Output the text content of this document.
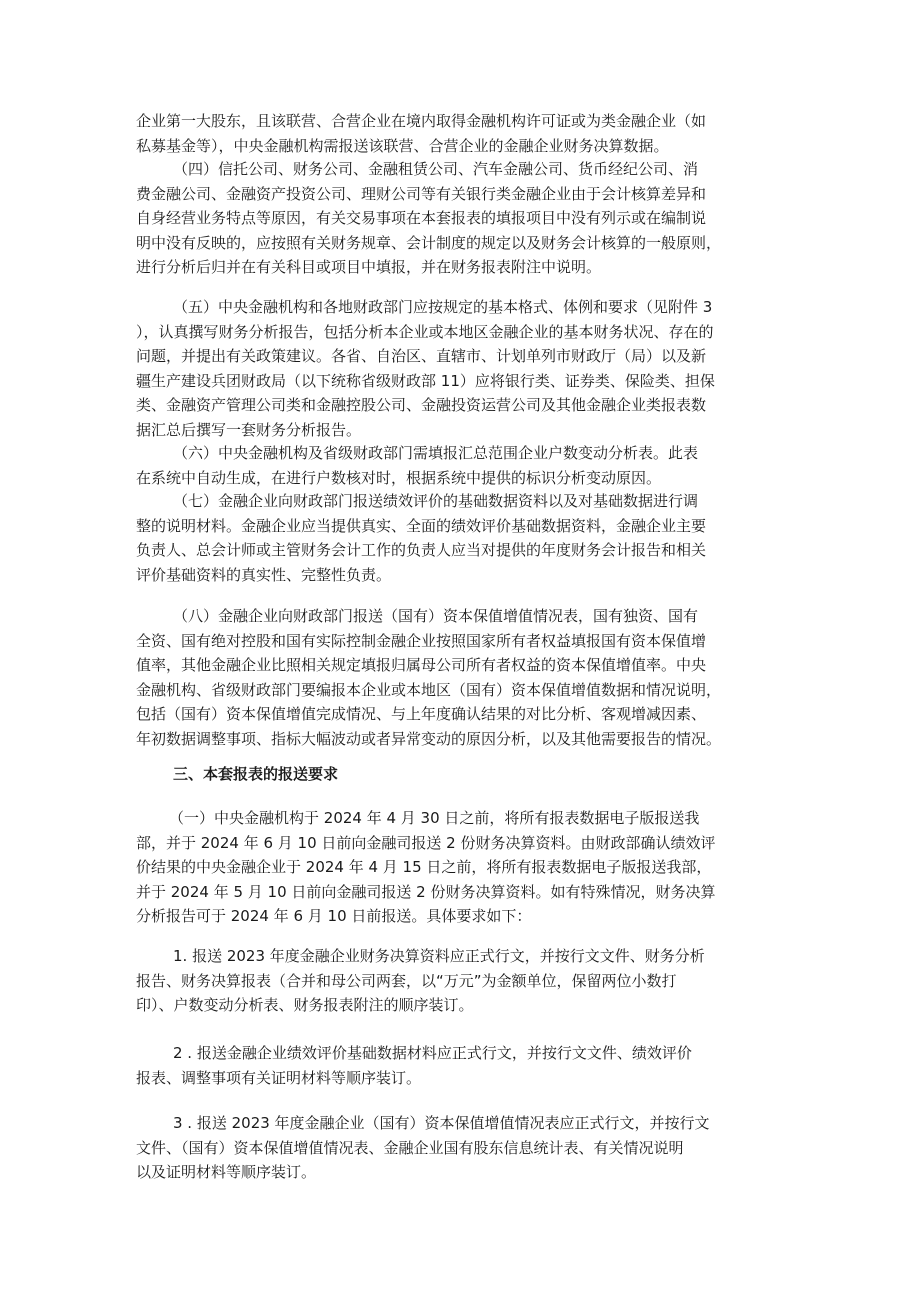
企业第一大股东，且该联营、合营企业在境内取得金融机构许可证或为类金融企业（如
私募基金等），中央金融机构需报送该联营、合营企业的金融企业财务决算数据。
（四）信托公司、财务公司、金融租赁公司、汽车金融公司、货币经纪公司、消
费金融公司、金融资产投资公司、理财公司等有关银行类金融企业由于会计核算差异和
自身经营业务特点等原因，有关交易事项在本套报表的填报项目中没有列示或在编制说
明中没有反映的，应按照有关财务规章、会计制度的规定以及财务会计核算的一般原则，
进行分析后归并在有关科目或项目中填报，并在财务报表附注中说明。
（五）中央金融机构和各地财政部门应按规定的基本格式、体例和要求（见附件 3
），认真撰写财务分析报告，包括分析本企业或本地区金融企业的基本财务状况、存在的
问题，并提出有关政策建议。各省、自治区、直辖市、计划单列市财政厅（局）以及新
疆生产建设兵团财政局（以下统称省级财政部 11）应将银行类、证券类、保险类、担保
类、金融资产管理公司类和金融控股公司、金融投资运营公司及其他金融企业类报表数
据汇总后撰写一套财务分析报告。
（六）中央金融机构及省级财政部门需填报汇总范围企业户数变动分析表。此表
在系统中自动生成，在进行户数核对时，根据系统中提供的标识分析变动原因。
（七）金融企业向财政部门报送绩效评价的基础数据资料以及对基础数据进行调
整的说明材料。金融企业应当提供真实、全面的绩效评价基础数据资料，金融企业主要
负责人、总会计师或主管财务会计工作的负责人应当对提供的年度财务会计报告和相关
评价基础资料的真实性、完整性负责。
（八）金融企业向财政部门报送（国有）资本保值增值情况表，国有独资、国有
全资、国有绝对控股和国有实际控制金融企业按照国家所有者权益填报国有资本保值增
值率，其他金融企业比照相关规定填报归属母公司所有者权益的资本保值增值率。中央
金融机构、省级财政部门要编报本企业或本地区（国有）资本保值增值数据和情况说明，
包括（国有）资本保值增值完成情况、与上年度确认结果的对比分析、客观增减因素、
年初数据调整事项、指标大幅波动或者异常变动的原因分析，以及其他需要报告的情况。
三、本套报表的报送要求
（一）中央金融机构于 2024 年 4 月 30 日之前，将所有报表数据电子版报送我
部，并于 2024 年 6 月 10 日前向金融司报送 2 份财务决算资料。由财政部确认绩效评
价结果的中央金融企业于 2024 年 4 月 15 日之前，将所有报表数据电子版报送我部，
并于 2024 年 5 月 10 日前向金融司报送 2 份财务决算资料。如有特殊情况，财务决算
分析报告可于 2024 年 6 月 10 日前报送。具体要求如下：
1. 报送 2023 年度金融企业财务决算资料应正式行文，并按行文文件、财务分析
报告、财务决算报表（合并和母公司两套，以“万元”为金额单位，保留两位小数打
印）、户数变动分析表、财务报表附注的顺序装订。
2 . 报送金融企业绩效评价基础数据材料应正式行文，并按行文文件、绩效评价
报表、调整事项有关证明材料等顺序装订。
3 . 报送 2023 年度金融企业（国有）资本保值增值情况表应正式行文，并按行文
文件、（国有）资本保值增值情况表、金融企业国有股东信息统计表、有关情况说明
以及证明材料等顺序装订。
